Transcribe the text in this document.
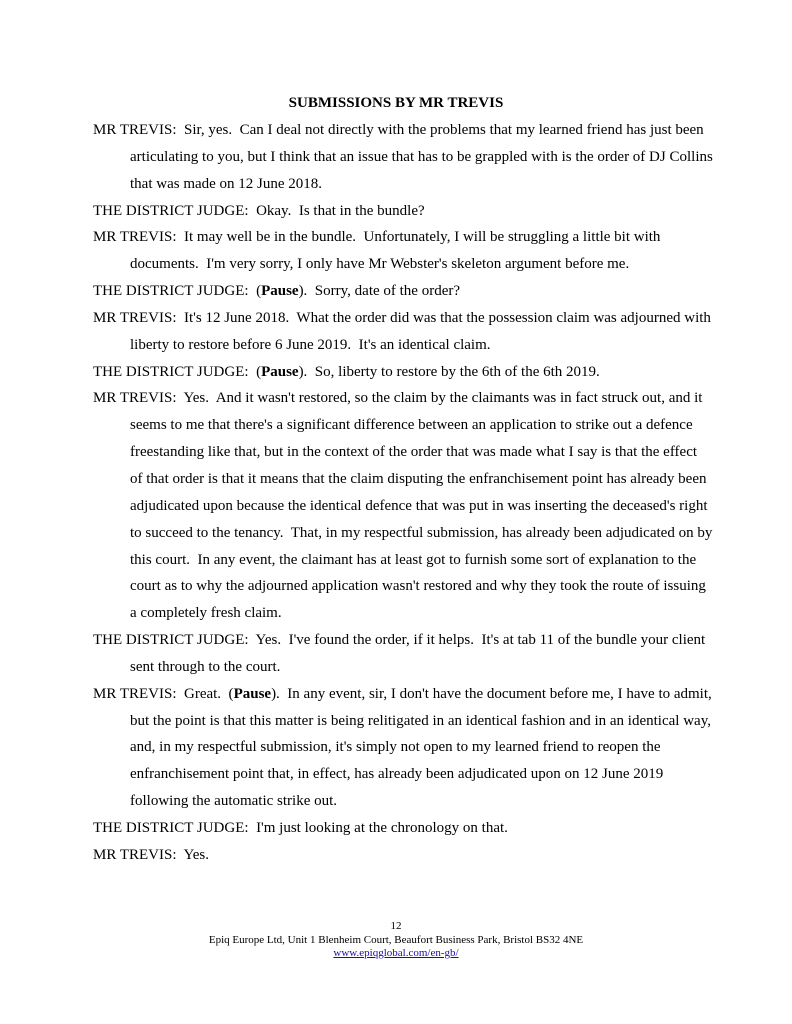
SUBMISSIONS BY MR TREVIS

MR TREVIS:  Sir, yes.  Can I deal not directly with the problems that my learned friend has just been articulating to you, but I think that an issue that has to be grappled with is the order of DJ Collins that was made on 12 June 2018.

THE DISTRICT JUDGE:  Okay.  Is that in the bundle?

MR TREVIS:  It may well be in the bundle.  Unfortunately, I will be struggling a little bit with documents.  I'm very sorry, I only have Mr Webster's skeleton argument before me.

THE DISTRICT JUDGE:  (Pause).  Sorry, date of the order?

MR TREVIS:  It's 12 June 2018.  What the order did was that the possession claim was adjourned with liberty to restore before 6 June 2019.  It's an identical claim.

THE DISTRICT JUDGE:  (Pause).  So, liberty to restore by the 6th of the 6th 2019.

MR TREVIS:  Yes.  And it wasn't restored, so the claim by the claimants was in fact struck out, and it seems to me that there's a significant difference between an application to strike out a defence freestanding like that, but in the context of the order that was made what I say is that the effect of that order is that it means that the claim disputing the enfranchisement point has already been adjudicated upon because the identical defence that was put in was inserting the deceased's right to succeed to the tenancy.  That, in my respectful submission, has already been adjudicated on by this court.  In any event, the claimant has at least got to furnish some sort of explanation to the court as to why the adjourned application wasn't restored and why they took the route of issuing a completely fresh claim.

THE DISTRICT JUDGE:  Yes.  I've found the order, if it helps.  It's at tab 11 of the bundle your client sent through to the court.

MR TREVIS:  Great.  (Pause).  In any event, sir, I don't have the document before me, I have to admit, but the point is that this matter is being relitigated in an identical fashion and in an identical way, and, in my respectful submission, it's simply not open to my learned friend to reopen the enfranchisement point that, in effect, has already been adjudicated upon on 12 June 2019 following the automatic strike out.

THE DISTRICT JUDGE:  I'm just looking at the chronology on that.

MR TREVIS:  Yes.

12
Epiq Europe Ltd, Unit 1 Blenheim Court, Beaufort Business Park, Bristol BS32 4NE
www.epiqglobal.com/en-gb/
